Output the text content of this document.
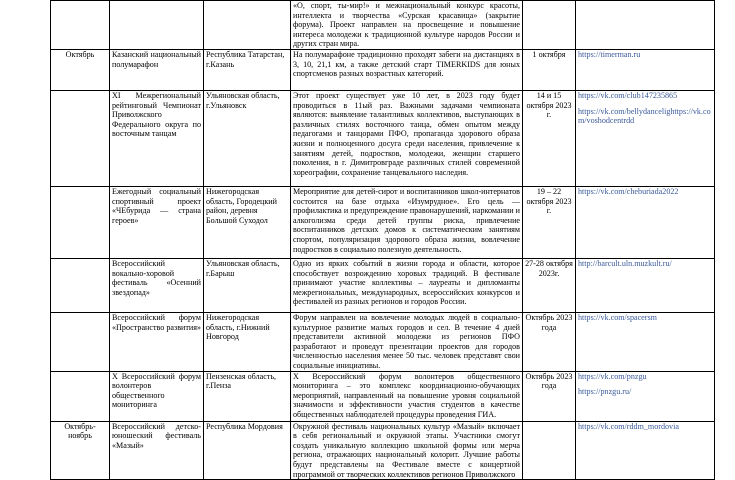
			«О, спорт, ты-мир!» и межнациональный конкурс красоты, интеллекта и творчества «Сурская красавица» (закрытие форума). Проект направлен на просвещение и повышение интереса молодежи к традиционной культуре народов России и других стран мира.		
Октябрь	Казанский национальный полумарафон	Республика Татарстан, г.Казань	На полумарафоне традиционно проходят забеги на дистанциях в 3, 10, 21,1 км, а также детский старт TIMERKIDS для юных спортсменов разных возрастных категорий.	1 октября	https://timerman.ru

	XI Межрегиональный рейтинговый Чемпионат Приволжского Федерального округа по восточным танцам	Ульяновская область, г.Ульяновск	Этот проект существует уже 10 лет, в 2023 году будет проводиться в 11ый раз. Важными задачами чемпионата являются: выявление талантливых коллективов, выступающих в различных стилях восточного танца, обмен опытом между педагогами и танцорами ПФО, пропаганда здорового образа жизни и полноценного досуга среди населения, привлечение к занятиям детей, подростков, молодежи, женщин старшего поколения, в г. Димитровграде различных стилей современной хореографии, сохранение танцевального наследия.	14 и 15 октября 2023 г.	https://vk.com/club147235865
https://vk.com/bellydancelighttps://vk.com/voshodcentrdd

	Ежегодный социальный спортивный проект «ЧЕбурида — страна героев»	Нижегородская область, Городецкий район, деревня Большой Суходол	Мероприятие для детей-сирот и воспитанников школ-интернатов состоится на базе отдыха «Изумрудное». Его цель — профилактика и предупреждение правонарушений, наркомании и алкоголизма среди детей группы риска, привлечение воспитанников детских домов к систематическим занятиям спортом, популяризация здорового образа жизни, вовлечение подростков в социально полезную деятельность.	19 – 22 октября 2023 г.	https://vk.com/cheburiada2022

	Всероссийский вокально-хоровой фестиваль «Осенний звездопад»	Ульяновская область, г.Барыш	Одно из ярких событий в жизни города и области, которое способствует возрождению хоровых традиций. В фестивале принимают участие коллективы – лауреаты и дипломанты межрегиональных, международных, всероссийских конкурсов и фестивалей из разных регионов и городов России.	27-28 октября 2023г.	http://barcult.uln.muzkult.ru/

	Всероссийский форум «Пространство развития»	Нижегородская область, г.Нижний Новгород	Форум направлен на вовлечение молодых людей в социально-культурное развитие малых городов и сел. В течение 4 дней представители активной молодежи из регионов ПФО разработают и проведут презентации проектов для городов численностью населения менее 50 тыс. человек представят свои социальные инициативы.	Октябрь 2023 года	https://vk.com/spacersm

	X Всероссийский форум волонтеров общественного мониторинга	Пензенская область, г.Пенза	X Всероссийский форум волонтеров общественного мониторинга – это комплекс координационно-обучающих мероприятий, направленный на повышение уровня социальной значимости и эффективности участия студентов в качестве общественных наблюдателей процедуры проведения ГИА.	Октябрь 2023 года	https://vk.com/pnzgu
https://pnzgu.ru/

Октябрь-ноябрь	Всероссийский детско-юношеский фестиваль «Мазый»	Республика Мордовия	Окружной фестиваль национальных культур «Мазый» включает в себя региональный и окружной этапы. Участники смогут создать уникальную коллекцию школьной формы или мерча региона, отражающих национальный колорит. Лучшие работы будут представлены на Фестивале вместе с концертной программой от творческих коллективов регионов Приволжского		https://vk.com/rddm_mordovia
